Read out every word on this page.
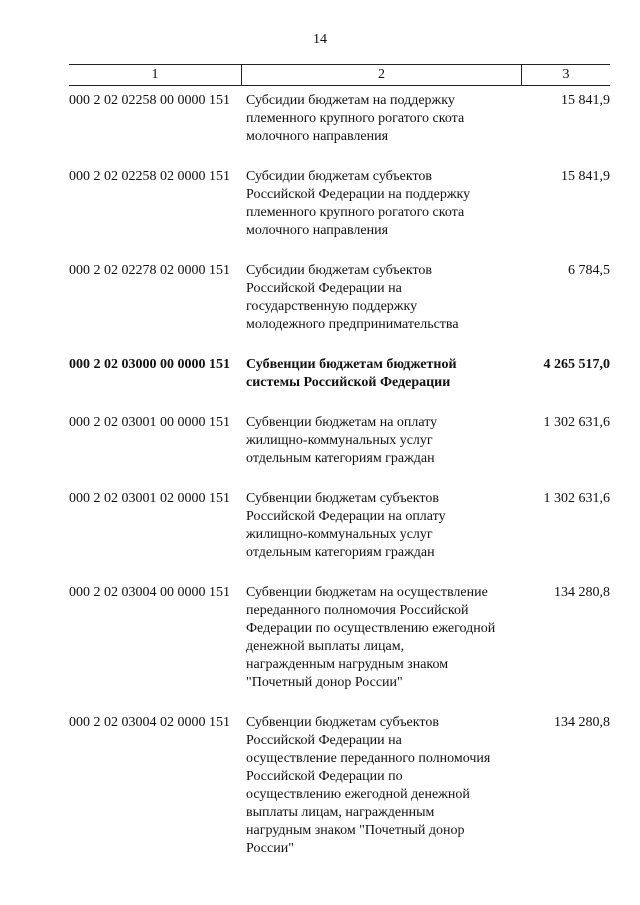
14
1	2	3
000 2 02 02258 00 0000 151	Субсидии бюджетам на поддержку
племенного крупного рогатого скота
молочного направления
15 841,9
000 2 02 02258 02 0000 151	Субсидии бюджетам субъектов
Российской Федерации на поддержку
племенного крупного рогатого скота
молочного направления
15 841,9
000 2 02 02278 02 0000 151	Субсидии бюджетам субъектов
Российской Федерации на
государственную поддержку
молодежного предпринимательства
6 784,5
000 2 02 03000 00 0000 151	Субвенции бюджетам бюджетной
системы Российской Федерации
4 265 517,0
000 2 02 03001 00 0000 151	Субвенции бюджетам на оплату
жилищно-коммунальных услуг
отдельным категориям граждан
1 302 631,6
000 2 02 03001 02 0000 151	Субвенции бюджетам субъектов
Российской Федерации на оплату
жилищно-коммунальных услуг
отдельным категориям граждан
1 302 631,6
000 2 02 03004 00 0000 151	Субвенции бюджетам на осуществление
переданного полномочия Российской
Федерации по осуществлению ежегодной
денежной выплаты лицам,
награжденным нагрудным знаком
"Почетный донор России"
134 280,8
000 2 02 03004 02 0000 151	Субвенции бюджетам субъектов
Российской Федерации на
осуществление переданного полномочия
Российской Федерации по
осуществлению ежегодной денежной
выплаты лицам, награжденным
нагрудным знаком "Почетный донор
России"
134 280,8
